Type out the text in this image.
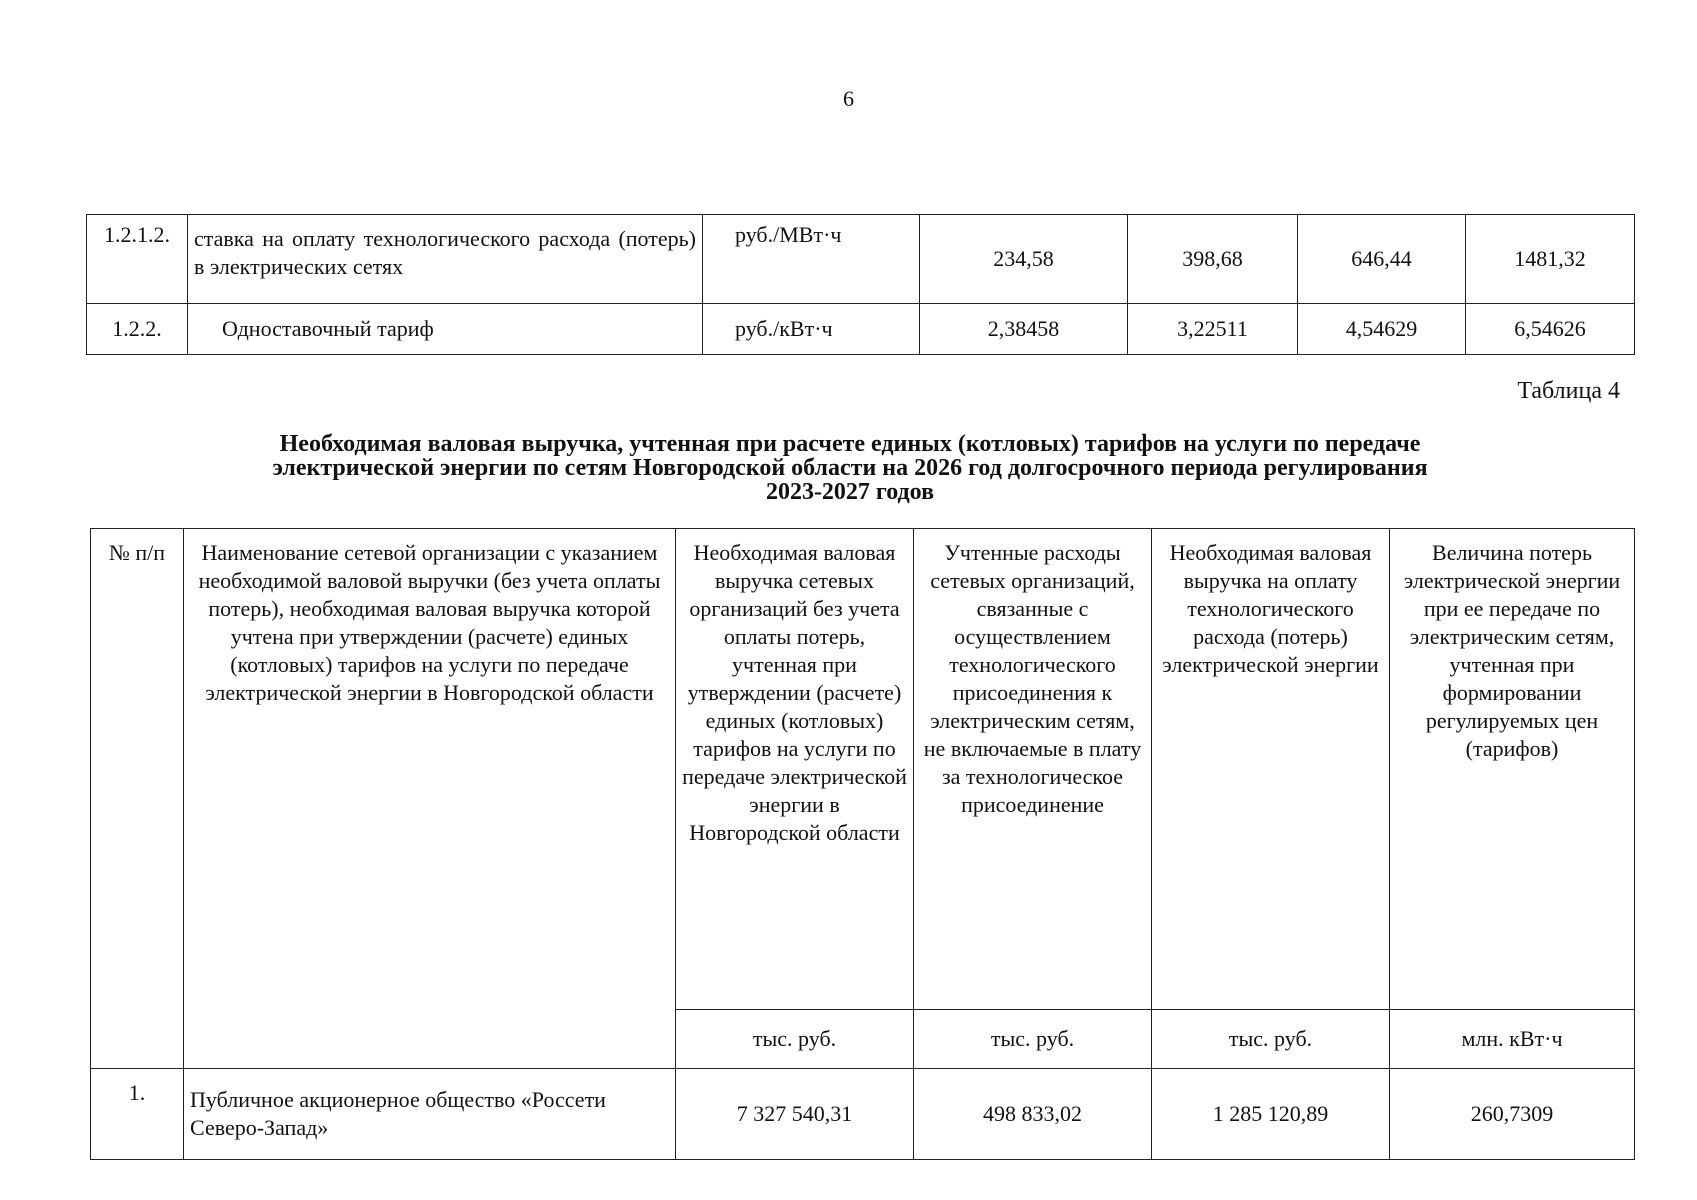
6
1.2.1.2.	ставка на оплату технологического расхода (потерь) в электрических сетях	руб./МВт·ч	234,58	398,68	646,44	1481,32
1.2.2.	Одноставочный тариф	руб./кВт·ч	2,38458	3,22511	4,54629	6,54626
Таблица 4
Необходимая валовая выручка, учтенная при расчете единых (котловых) тарифов на услуги по передаче
электрической энергии по сетям Новгородской области на 2026 год долгосрочного периода регулирования
2023-2027 годов
№ п/п	Наименование сетевой организации с указанием необходимой валовой выручки (без учета оплаты потерь), необходимая валовая выручка которой учтена при утверждении (расчете) единых (котловых) тарифов на услуги по передаче электрической энергии в Новгородской области	Необходимая валовая выручка сетевых организаций без учета оплаты потерь, учтенная при утверждении (расчете) единых (котловых) тарифов на услуги по передаче электрической энергии в Новгородской области	Учтенные расходы сетевых организаций, связанные с осуществлением технологического присоединения к электрическим сетям, не включаемые в плату за технологическое присоединение	Необходимая валовая выручка на оплату технологического расхода (потерь) электрической энергии	Величина потерь электрической энергии при ее передаче по электрическим сетям, учтенная при формировании регулируемых цен (тарифов)
		тыс. руб.	тыс. руб.	тыс. руб.	млн. кВт·ч
1.	Публичное акционерное общество «Россети Северо-Запад»	7 327 540,31	498 833,02	1 285 120,89	260,7309
